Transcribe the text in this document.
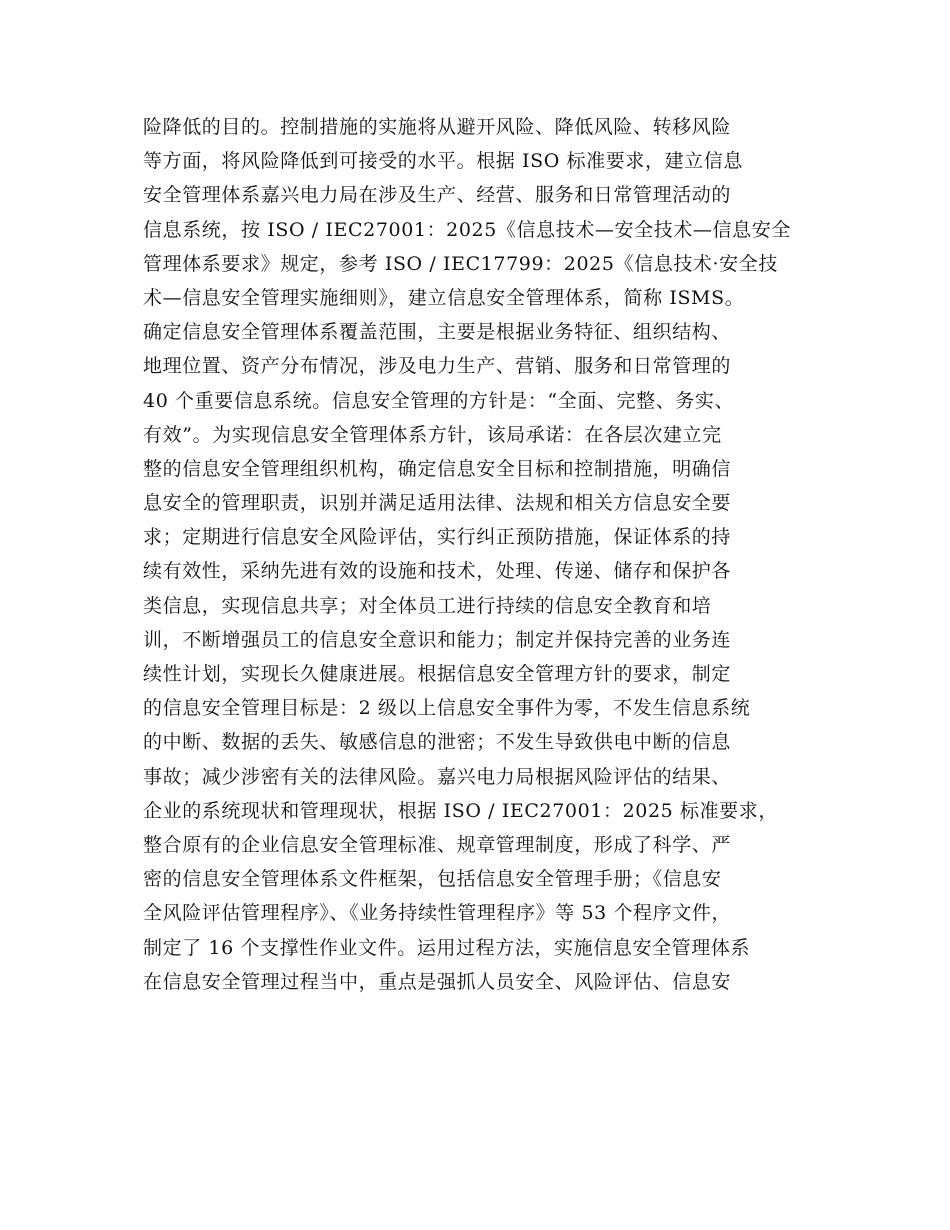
险降低的目的。控制措施的实施将从避开风险、降低风险、转移风险
等方面，将风险降低到可接受的水平。根据 ISO 标准要求，建立信息
安全管理体系嘉兴电力局在涉及生产、经营、服务和日常管理活动的
信息系统，按 ISO / IEC27001：2025《信息技术—安全技术—信息安全
管理体系要求》规定，参考 ISO / IEC17799：2025《信息技术·安全技
术—信息安全管理实施细则》，建立信息安全管理体系，简称 ISMS。
确定信息安全管理体系覆盖范围，主要是根据业务特征、组织结构、
地理位置、资产分布情况，涉及电力生产、营销、服务和日常管理的
40 个重要信息系统。信息安全管理的方针是：“全面、完整、务实、
有效”。为实现信息安全管理体系方针，该局承诺：在各层次建立完
整的信息安全管理组织机构，确定信息安全目标和控制措施，明确信
息安全的管理职责，识别并满足适用法律、法规和相关方信息安全要
求；定期进行信息安全风险评估，实行纠正预防措施，保证体系的持
续有效性，采纳先进有效的设施和技术，处理、传递、储存和保护各
类信息，实现信息共享；对全体员工进行持续的信息安全教育和培
训，不断增强员工的信息安全意识和能力；制定并保持完善的业务连
续性计划，实现长久健康进展。根据信息安全管理方针的要求，制定
的信息安全管理目标是：2 级以上信息安全事件为零，不发生信息系统
的中断、数据的丢失、敏感信息的泄密；不发生导致供电中断的信息
事故；减少涉密有关的法律风险。嘉兴电力局根据风险评估的结果、
企业的系统现状和管理现状，根据 ISO / IEC27001：2025 标准要求，
整合原有的企业信息安全管理标准、规章管理制度，形成了科学、严
密的信息安全管理体系文件框架，包括信息安全管理手册；《信息安
全风险评估管理程序》、《业务持续性管理程序》等 53 个程序文件，
制定了 16 个支撑性作业文件。运用过程方法，实施信息安全管理体系
在信息安全管理过程当中，重点是强抓人员安全、风险评估、信息安
